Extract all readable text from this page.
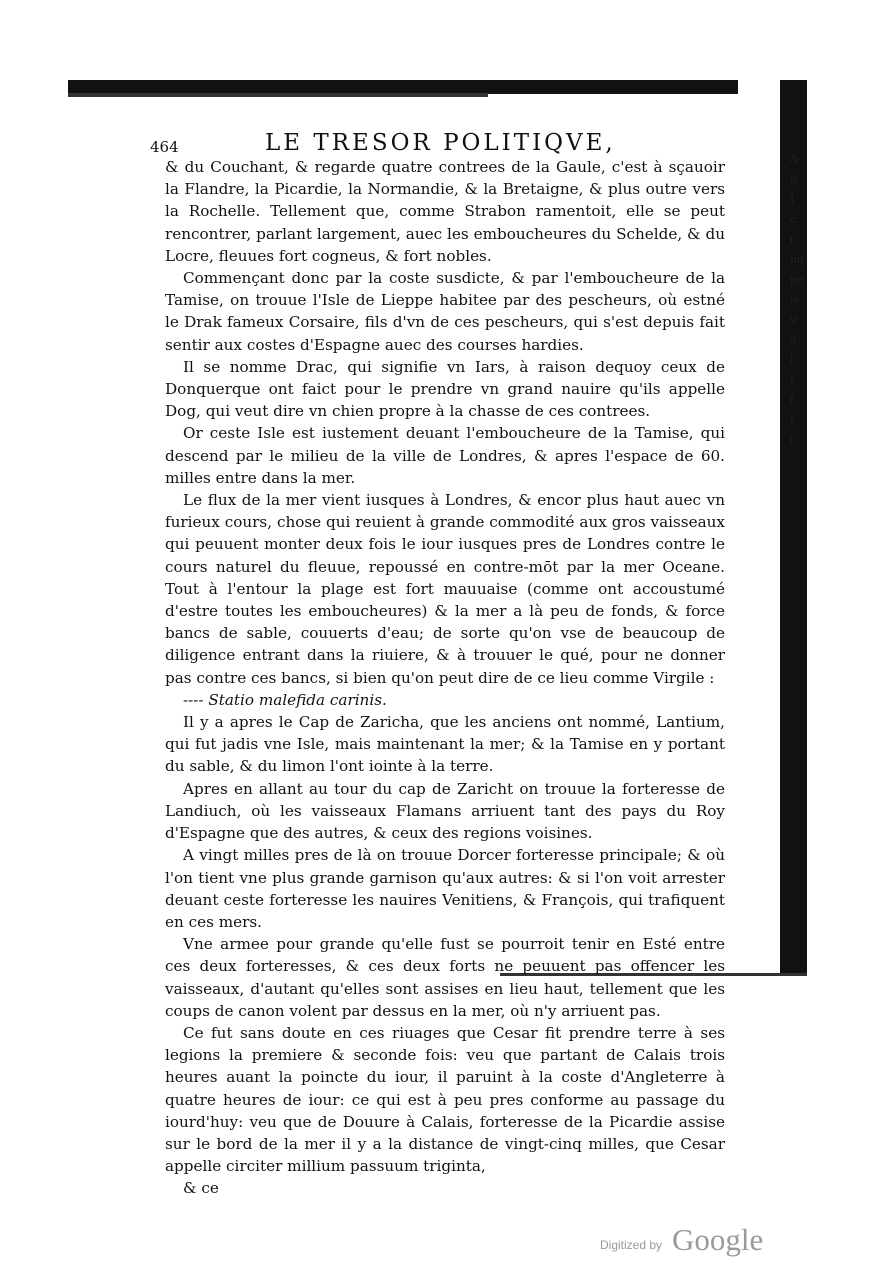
&
p
I
c
(
lig
pe
le
u
a
l
f
f
r
c
464	LE TRESOR POLITIQVE,

& du Couchant, & regarde quatre contrees de la Gaule, c'est à sçauoir la Flandre, la Picardie, la Normandie, & la Bretaigne, & plus outre vers la Rochelle. Tellement que, comme Strabon ramentoit, elle se peut rencontrer, parlant largement, auec les emboucheures du Schelde, & du Locre, fleuues fort cogneus, & fort nobles.

Commençant donc par la coste susdicte, & par l'emboucheure de la Tamise, on trouue l'Isle de Lieppe habitee par des pescheurs, où estné le Drak fameux Corsaire, fils d'vn de ces pescheurs, qui s'est depuis fait sentir aux costes d'Espagne auec des courses hardies.

Il se nomme Drac, qui signifie vn Iars, à raison dequoy ceux de Donquerque ont faict pour le prendre vn grand nauire qu'ils appelle Dog, qui veut dire vn chien propre à la chasse de ces contrees.

Or ceste Isle est iustement deuant l'emboucheure de la Tamise, qui descend par le milieu de la ville de Londres, & apres l'espace de 60. milles entre dans la mer.

Le flux de la mer vient iusques à Londres, & encor plus haut auec vn furieux cours, chose qui reuient à grande commodité aux gros vaisseaux qui peuuent monter deux fois le iour iusques pres de Londres contre le cours naturel du fleuue, repoussé en contre-mōt par la mer Oceane. Tout à l'entour la plage est fort mauuaise (comme ont accoustumé d'estre toutes les emboucheures) & la mer a là peu de fonds, & force bancs de sable, couuerts d'eau; de sorte qu'on vse de beaucoup de diligence entrant dans la riuiere, & à trouuer le qué, pour ne donner pas contre ces bancs, si bien qu'on peut dire de ce lieu comme Virgile :

---- Statio malefida carinis.

Il y a apres le Cap de Zaricha, que les anciens ont nommé, Lantium, qui fut jadis vne Isle, mais maintenant la mer; & la Tamise en y portant du sable, & du limon l'ont iointe à la terre.

Apres en allant au tour du cap de Zaricht on trouue la forteresse de Landiuch, où les vaisseaux Flamans arriuent tant des pays du Roy d'Espagne que des autres, & ceux des regions voisines.

A vingt milles pres de là on trouue Dorcer forteresse principale; & où l'on tient vne plus grande garnison qu'aux autres: & si l'on voit arrester deuant ceste forteresse les nauires Venitiens, & François, qui trafiquent en ces mers.

Vne armee pour grande qu'elle fust se pourroit tenir en Esté entre ces deux forteresses, & ces deux forts ne peuuent pas offencer les vaisseaux, d'autant qu'elles sont assises en lieu haut, tellement que les coups de canon volent par dessus en la mer, où n'y arriuent pas.

Ce fut sans doute en ces riuages que Cesar fit prendre terre à ses legions la premiere & seconde fois: veu que partant de Calais trois heures auant la poincte du iour, il paruint à la coste d'Angleterre à quatre heures de iour: ce qui est à peu pres conforme au passage du iourd'huy: veu que de Douure à Calais, forteresse de la Picardie assise sur le bord de la mer il y a la distance de vingt-cinq milles, que Cesar appelle circiter millium passuum triginta,

& ce

Digitized by Google
